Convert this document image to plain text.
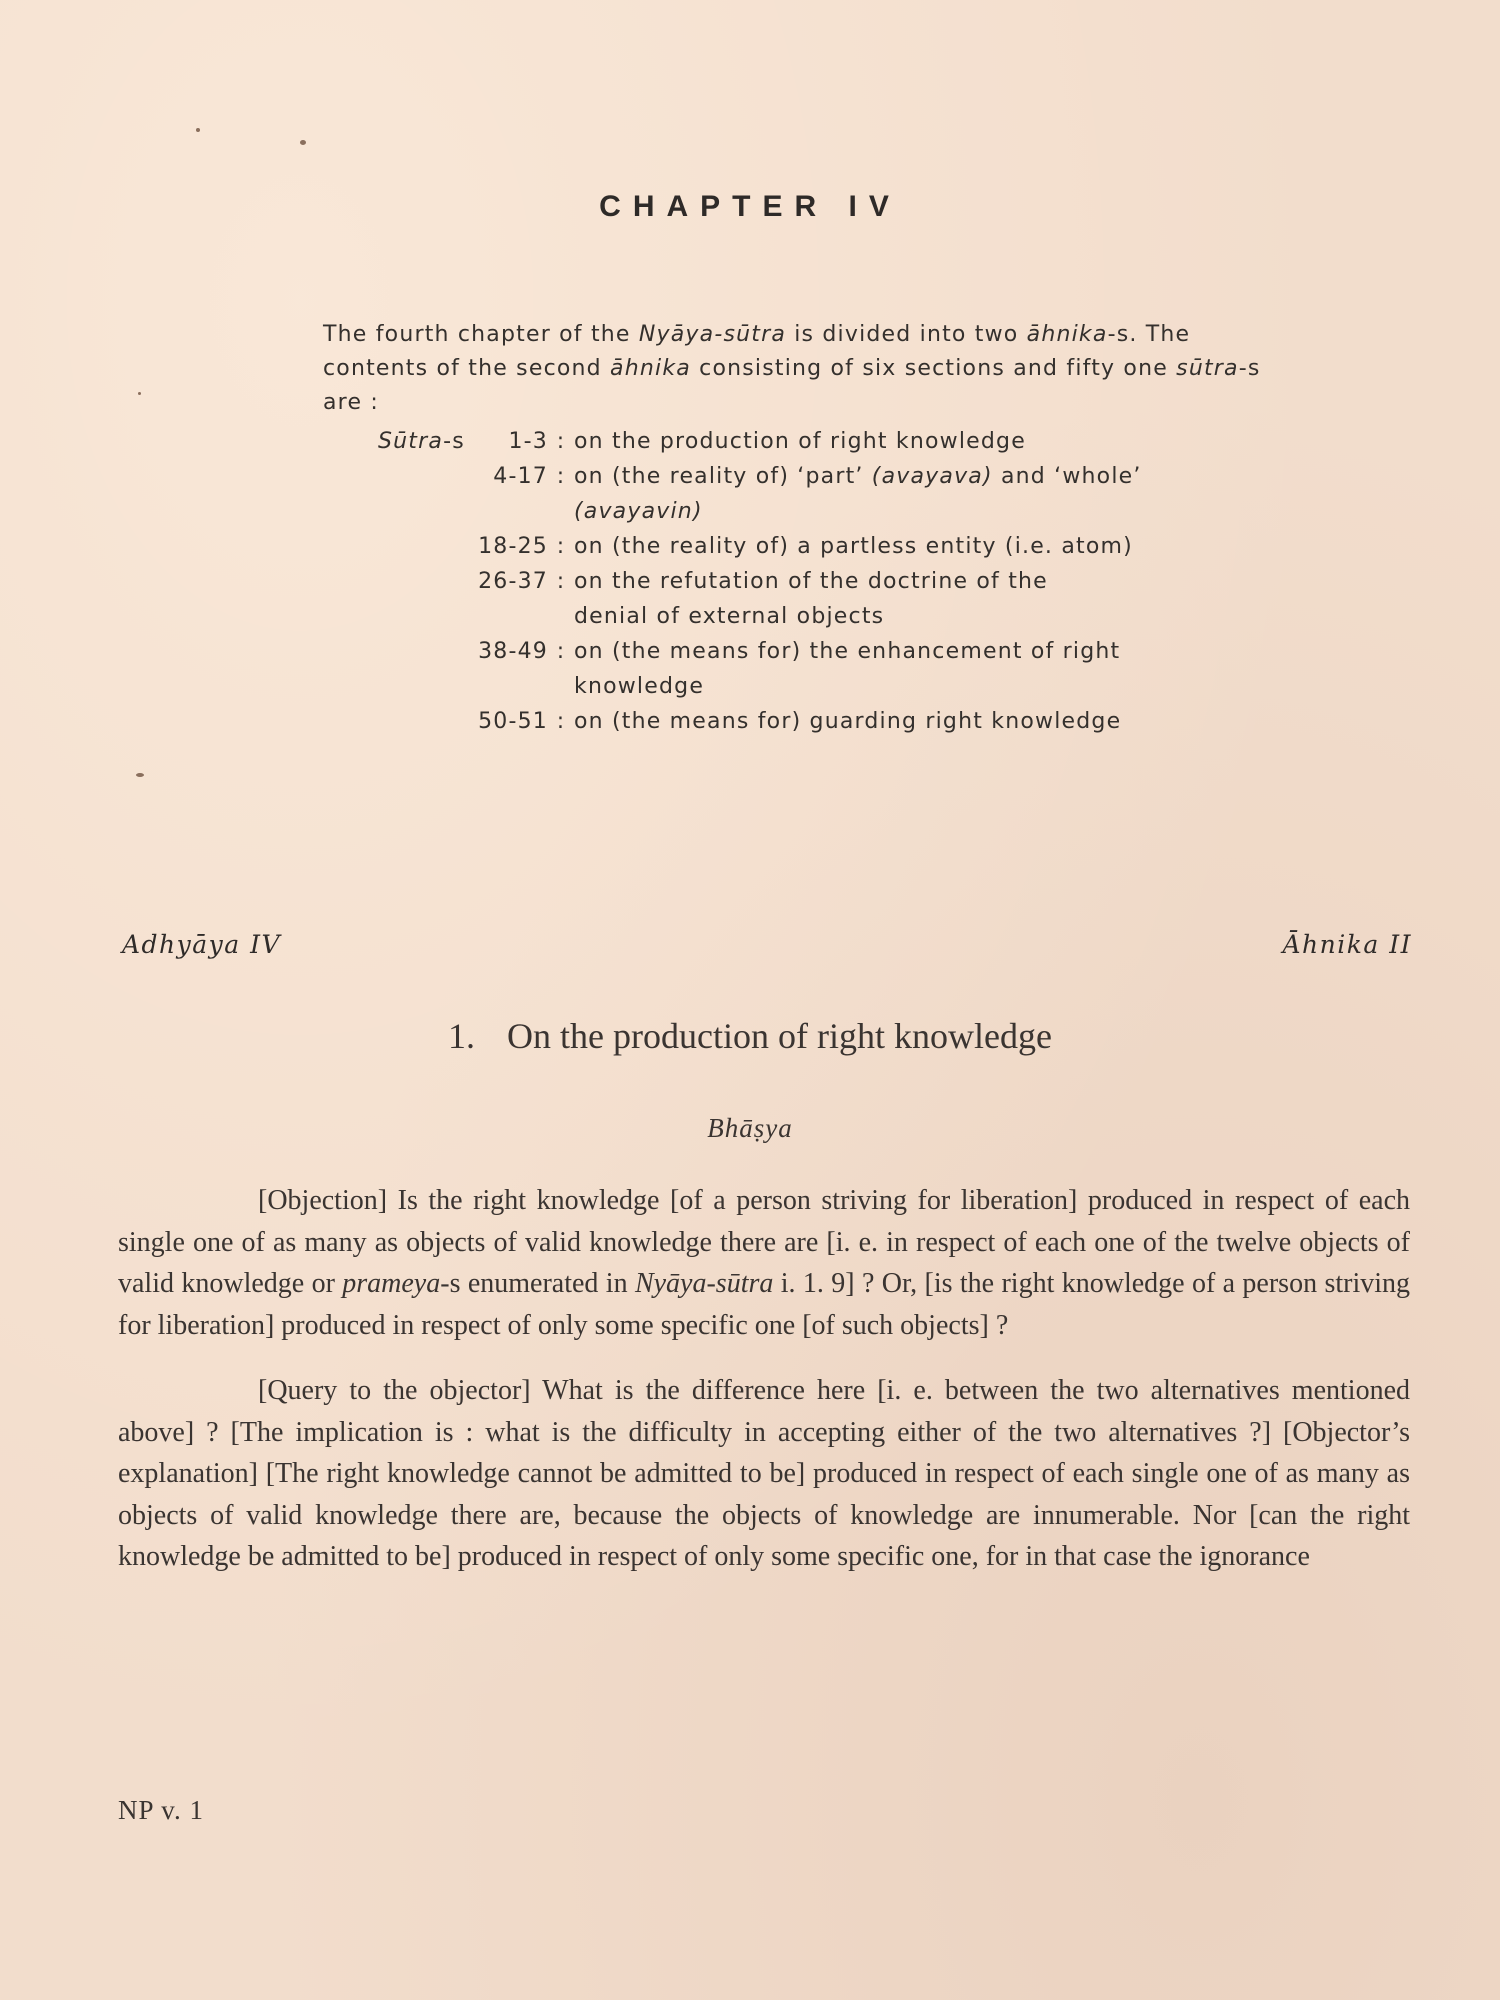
CHAPTER IV

The fourth chapter of the Nyāya-sūtra is divided into two āhnika-s. The contents of the second āhnika consisting of six sections and fifty one sūtra-s are :

Sūtra-s 1-3 : on the production of right knowledge
4-17 : on (the reality of) ‘part’ (avayava) and ‘whole’
(avayavin)
18-25 : on (the reality of) a partless entity (i.e. atom)
26-37 : on the refutation of the doctrine of the denial of external objects
38-49 : on (the means for) the enhancement of right knowledge
50-51 : on (the means for) guarding right knowledge
Adhyāya IV	Āhnika II
1. On the production of right knowledge
Bhāṣya

[Objection] Is the right knowledge [of a person striving for liberation] produced in respect of each single one of as many as objects of valid knowledge there are [i. e. in respect of each one of the twelve objects of valid knowledge or prameya-s enumerated in Nyāya-sūtra i. 1. 9] ? Or, [is the right knowledge of a person striving for liberation] produced in respect of only some specific one [of such objects] ?

[Query to the objector] What is the difference here [i. e. between the two alternatives mentioned above] ? [The implication is : what is the difficulty in accepting either of the two alternatives ?] [Objector’s explanation] [The right knowledge cannot be admitted to be] produced in respect of each single one of as many as objects of valid knowledge there are, because the objects of knowledge are innumerable. Nor [can the right knowledge be admitted to be] produced in respect of only some specific one, for in that case the ignorance

NP v. 1
